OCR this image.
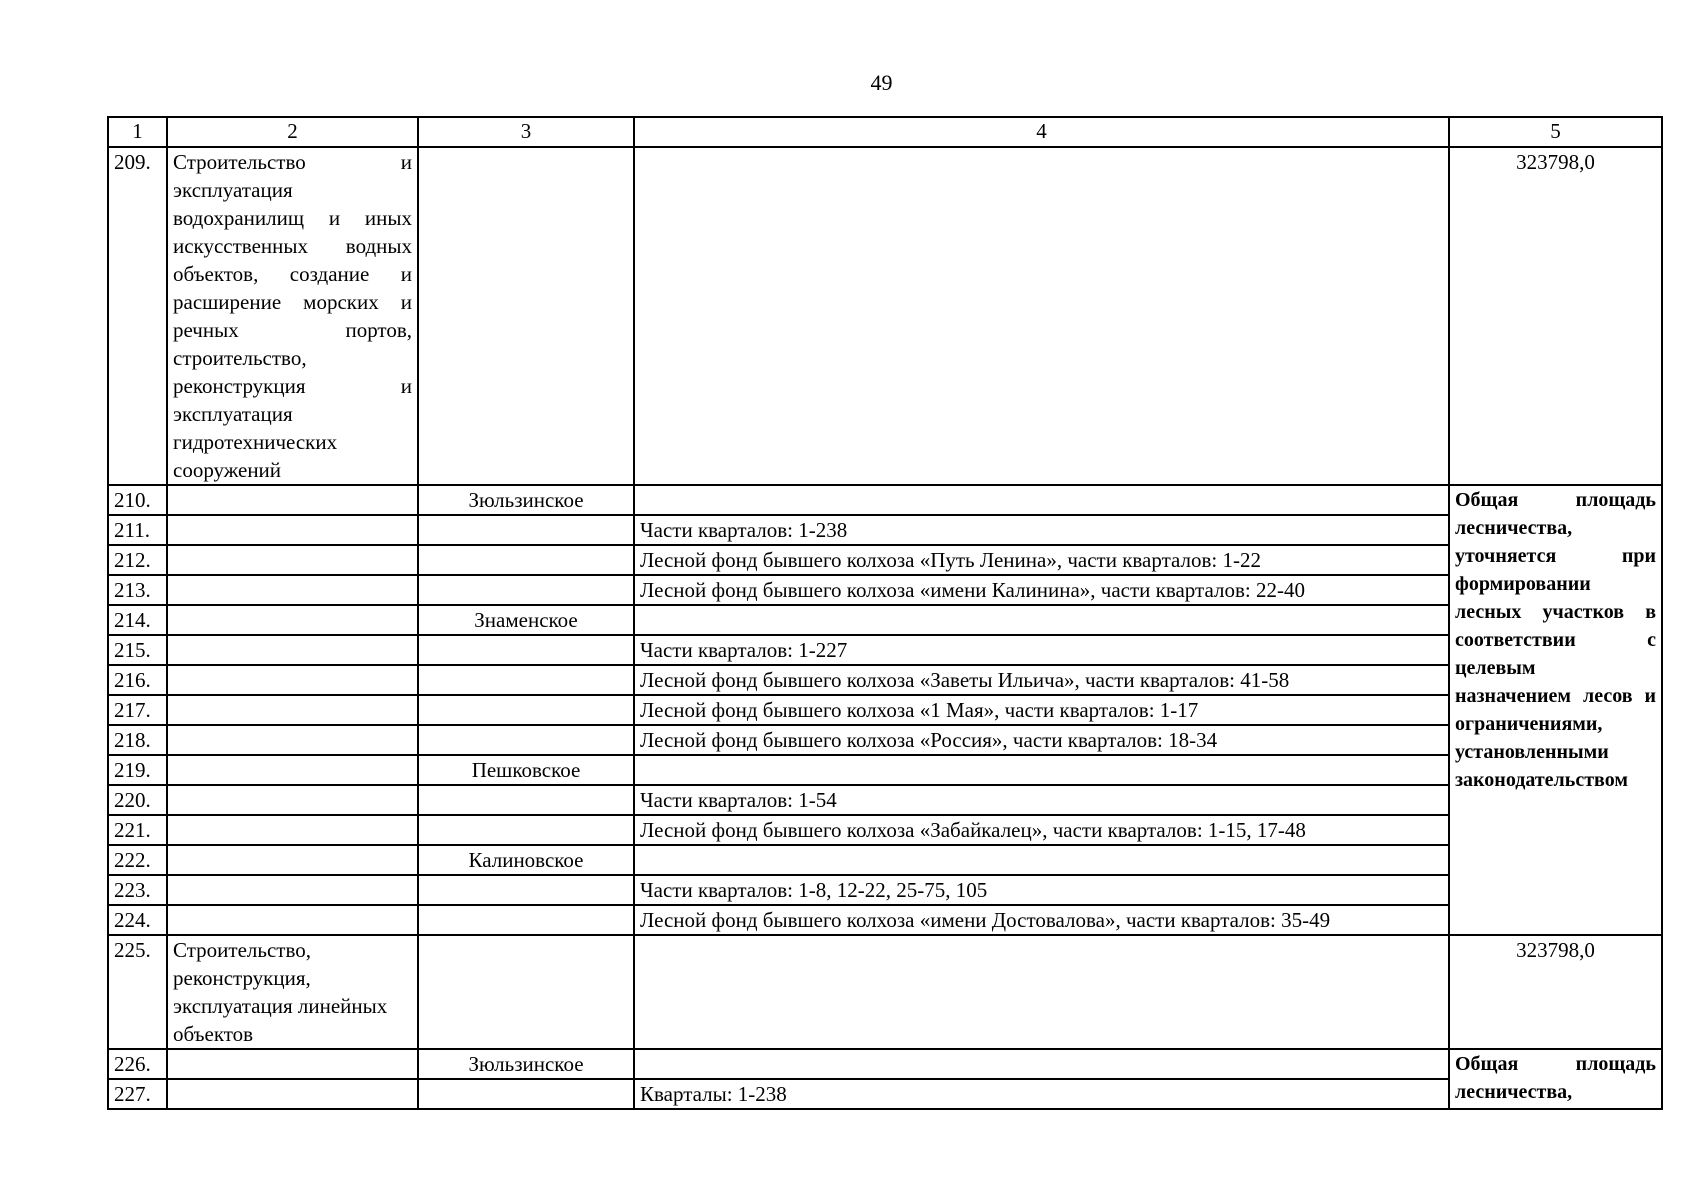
49
1	2	3	4	5
209.	Строительство и эксплуатация водохранилищ и иных искусственных водных объектов, создание и расширение морских и речных портов, строительство, реконструкция и эксплуатация гидротехнических сооружений			323798,0
210.		Зюльзинское		Общая площадь лесничества, уточняется при формировании лесных участков в соответствии с целевым назначением лесов и ограничениями, установленными законодательством

211.			Части кварталов: 1-238	
212.			Лесной фонд бывшего колхоза «Путь Ленина», части кварталов: 1-22	
213.			Лесной фонд бывшего колхоза «имени Калинина», части кварталов: 22-40	
214.		Знаменское		
215.			Части кварталов: 1-227	
216.			Лесной фонд бывшего колхоза «Заветы Ильича», части кварталов: 41-58	
217.			Лесной фонд бывшего колхоза «1 Мая», части кварталов: 1-17	
218.			Лесной фонд бывшего колхоза «Россия», части кварталов: 18-34	
219.		Пешковское		
220.			Части кварталов: 1-54	
221.			Лесной фонд бывшего колхоза «Забайкалец», части кварталов: 1-15, 17-48	
222.		Калиновское		
223.			Части кварталов: 1-8, 12-22, 25-75, 105	
224.			Лесной фонд бывшего колхоза «имени Достовалова», части кварталов: 35-49	
225.	Строительство, реконструкция, эксплуатация линейных объектов			323798,0
226.		Зюльзинское		Общая площадь лесничества,

227.			Кварталы: 1-238	
